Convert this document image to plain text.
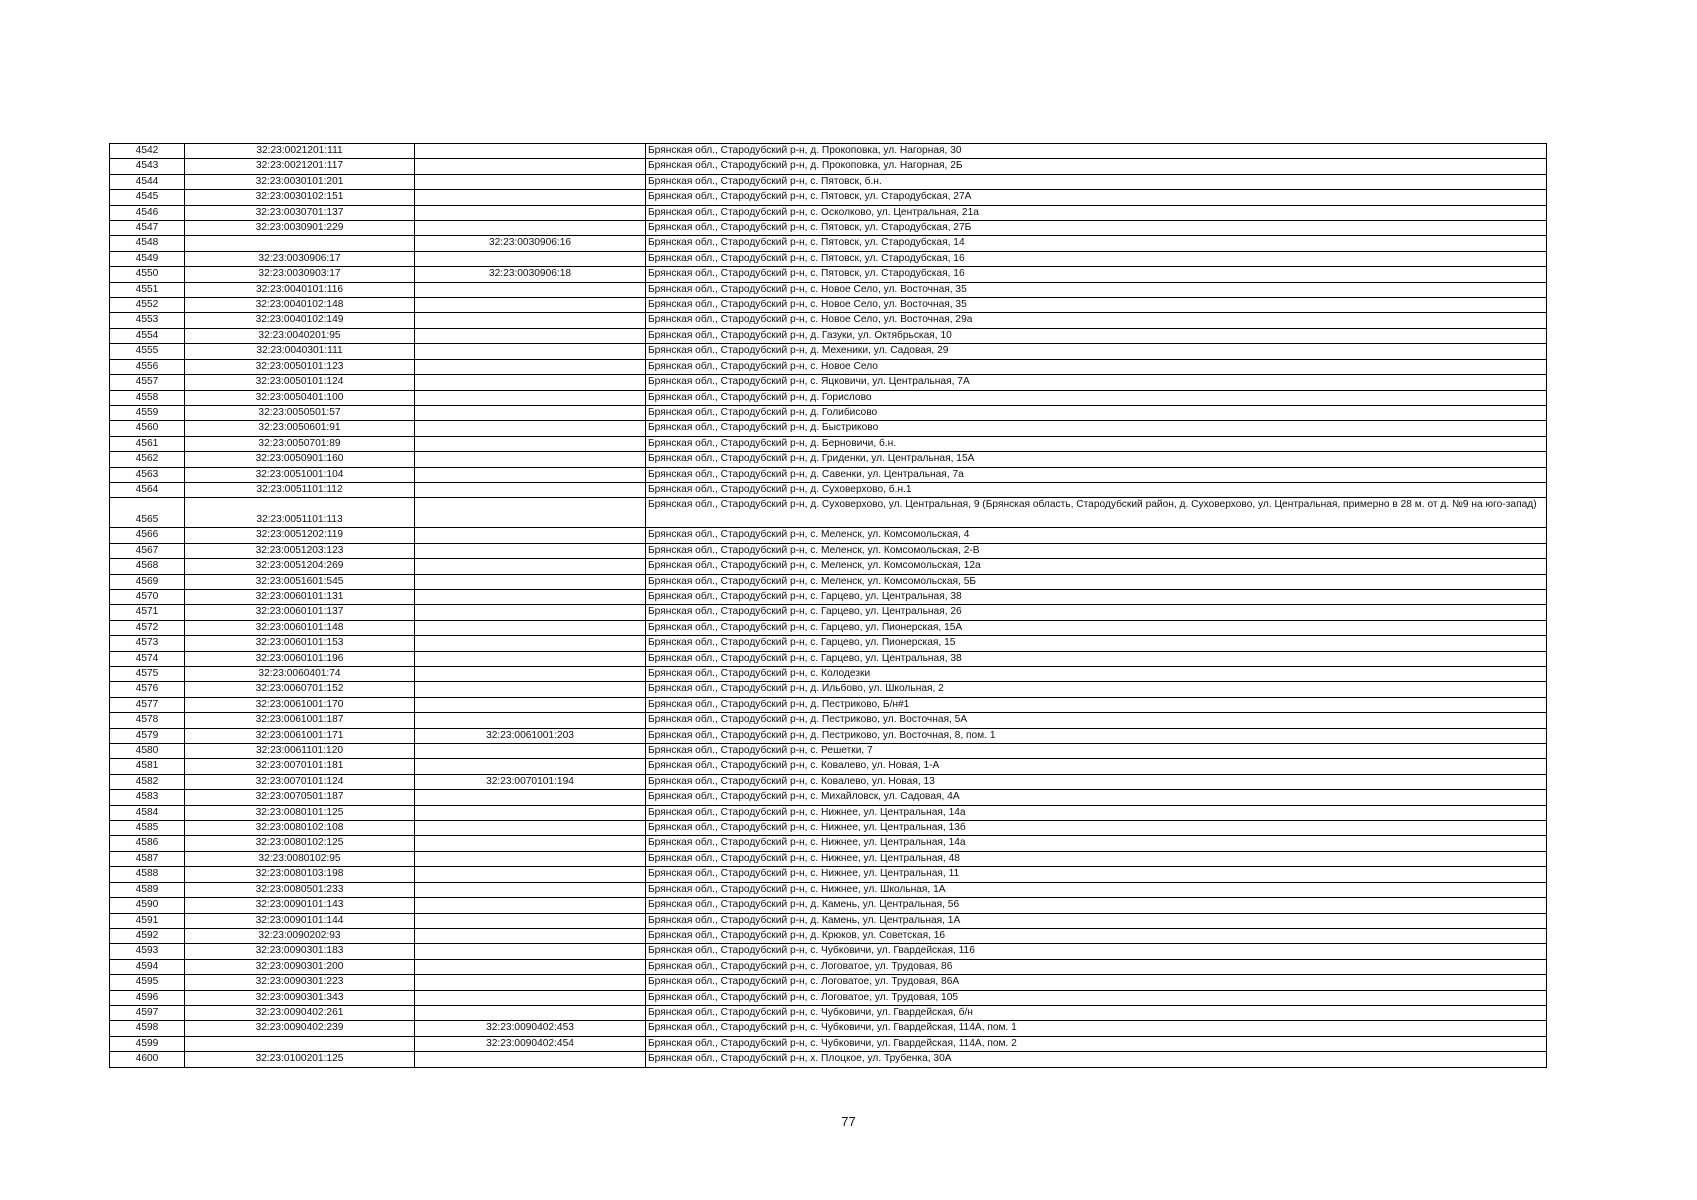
4542	32:23:0021201:111		Брянская обл., Стародубский р-н, д. Прокоповка, ул. Нагорная, 30
4543	32:23:0021201:117		Брянская обл., Стародубский р-н, д. Прокоповка, ул. Нагорная, 2Б
4544	32:23:0030101:201		Брянская обл., Стародубский р-н, с. Пятовск, б.н.
4545	32:23:0030102:151		Брянская обл., Стародубский р-н, с. Пятовск, ул. Стародубская, 27А
4546	32:23:0030701:137		Брянская обл., Стародубский р-н, с. Осколково, ул. Центральная, 21а
4547	32:23:0030901:229		Брянская обл., Стародубский р-н, с. Пятовск, ул. Стародубская, 27Б
4548		32:23:0030906:16	Брянская обл., Стародубский р-н, с. Пятовск, ул. Стародубская, 14
4549	32:23:0030906:17		Брянская обл., Стародубский р-н, с. Пятовск, ул. Стародубская, 16
4550	32:23:0030903:17	32:23:0030906:18	Брянская обл., Стародубский р-н, с. Пятовск, ул. Стародубская, 16
4551	32:23:0040101:116		Брянская обл., Стародубский р-н, с. Новое Село, ул. Восточная, 35
4552	32:23:0040102:148		Брянская обл., Стародубский р-н, с. Новое Село, ул. Восточная, 35
4553	32:23:0040102:149		Брянская обл., Стародубский р-н, с. Новое Село, ул. Восточная, 29а
4554	32:23:0040201:95		Брянская обл., Стародубский р-н, д. Газуки, ул. Октябрьская, 10
4555	32:23:0040301:111		Брянская обл., Стародубский р-н, д. Мехеники, ул. Садовая, 29
4556	32:23:0050101:123		Брянская обл., Стародубский р-н, с. Новое Село
4557	32:23:0050101:124		Брянская обл., Стародубский р-н, с. Яцковичи, ул. Центральная, 7А
4558	32:23:0050401:100		Брянская обл., Стародубский р-н, д. Горислово
4559	32:23:0050501:57		Брянская обл., Стародубский р-н, д. Голибисово
4560	32:23:0050601:91		Брянская обл., Стародубский р-н, д. Быстриково
4561	32:23:0050701:89		Брянская обл., Стародубский р-н, д. Берновичи, б.н.
4562	32:23:0050901:160		Брянская обл., Стародубский р-н, д. Гриденки, ул. Центральная, 15А
4563	32:23:0051001:104		Брянская обл., Стародубский р-н, д. Савенки, ул. Центральная, 7а
4564	32:23:0051101:112		Брянская обл., Стародубский р-н, д. Суховерхово, б.н.1
4565	32:23:0051101:113		Брянская обл., Стародубский р-н, д. Суховерхово, ул. Центральная, 9 (Брянская область, Стародубский район, д. Суховерхово, ул. Центральная, примерно в 28 м. от д. №9 на юго-запад)
4566	32:23:0051202:119		Брянская обл., Стародубский р-н, с. Меленск, ул. Комсомольская, 4
4567	32:23:0051203:123		Брянская обл., Стародубский р-н, с. Меленск, ул. Комсомольская, 2-В
4568	32:23:0051204:269		Брянская обл., Стародубский р-н, с. Меленск, ул. Комсомольская, 12а
4569	32:23:0051601:545		Брянская обл., Стародубский р-н, с. Меленск, ул. Комсомольская, 5Б
4570	32:23:0060101:131		Брянская обл., Стародубский р-н, с. Гарцево, ул. Центральная, 38
4571	32:23:0060101:137		Брянская обл., Стародубский р-н, с. Гарцево, ул. Центральная, 26
4572	32:23:0060101:148		Брянская обл., Стародубский р-н, с. Гарцево, ул. Пионерская, 15А
4573	32:23:0060101:153		Брянская обл., Стародубский р-н, с. Гарцево, ул. Пионерская, 15
4574	32:23:0060101:196		Брянская обл., Стародубский р-н, с. Гарцево, ул. Центральная, 38
4575	32:23:0060401:74		Брянская обл., Стародубский р-н, с. Колодезки
4576	32:23:0060701:152		Брянская обл., Стародубский р-н, д. Ильбово, ул. Школьная, 2
4577	32:23:0061001:170		Брянская обл., Стародубский р-н, д. Пестриково, Б/н#1
4578	32:23:0061001:187		Брянская обл., Стародубский р-н, д. Пестриково, ул. Восточная, 5А
4579	32:23:0061001:171	32:23:0061001:203	Брянская обл., Стародубский р-н, д. Пестриково, ул. Восточная, 8, пом. 1
4580	32:23:0061101:120		Брянская обл., Стародубский р-н, с. Решетки, 7
4581	32:23:0070101:181		Брянская обл., Стародубский р-н, с. Ковалево, ул. Новая, 1-А
4582	32:23:0070101:124	32:23:0070101:194	Брянская обл., Стародубский р-н, с. Ковалево, ул. Новая, 13
4583	32:23:0070501:187		Брянская обл., Стародубский р-н, с. Михайловск, ул. Садовая, 4А
4584	32:23:0080101:125		Брянская обл., Стародубский р-н, с. Нижнее, ул. Центральная, 14а
4585	32:23:0080102:108		Брянская обл., Стародубский р-н, с. Нижнее, ул. Центральная, 13б
4586	32:23:0080102:125		Брянская обл., Стародубский р-н, с. Нижнее, ул. Центральная, 14а
4587	32:23:0080102:95		Брянская обл., Стародубский р-н, с. Нижнее, ул. Центральная, 48
4588	32:23:0080103:198		Брянская обл., Стародубский р-н, с. Нижнее, ул. Центральная, 11
4589	32:23:0080501:233		Брянская обл., Стародубский р-н, с. Нижнее, ул. Школьная, 1А
4590	32:23:0090101:143		Брянская обл., Стародубский р-н, д. Камень, ул. Центральная, 56
4591	32:23:0090101:144		Брянская обл., Стародубский р-н, д. Камень, ул. Центральная, 1А
4592	32:23:0090202:93		Брянская обл., Стародубский р-н, д. Крюков, ул. Советская, 16
4593	32:23:0090301:183		Брянская обл., Стародубский р-н, с. Чубковичи, ул. Гвардейская, 116
4594	32:23:0090301:200		Брянская обл., Стародубский р-н, с. Логоватое, ул. Трудовая, 86
4595	32:23:0090301:223		Брянская обл., Стародубский р-н, с. Логоватое, ул. Трудовая, 86А
4596	32:23:0090301:343		Брянская обл., Стародубский р-н, с. Логоватое, ул. Трудовая, 105
4597	32:23:0090402:261		Брянская обл., Стародубский р-н, с. Чубковичи, ул. Гвардейская, б/н
4598	32:23:0090402:239	32:23:0090402:453	Брянская обл., Стародубский р-н, с. Чубковичи, ул. Гвардейская, 114А, пом. 1
4599		32:23:0090402:454	Брянская обл., Стародубский р-н, с. Чубковичи, ул. Гвардейская, 114А, пом. 2
4600	32:23:0100201:125		Брянская обл., Стародубский р-н, х. Плоцкое, ул. Трубенка, 30А
77
